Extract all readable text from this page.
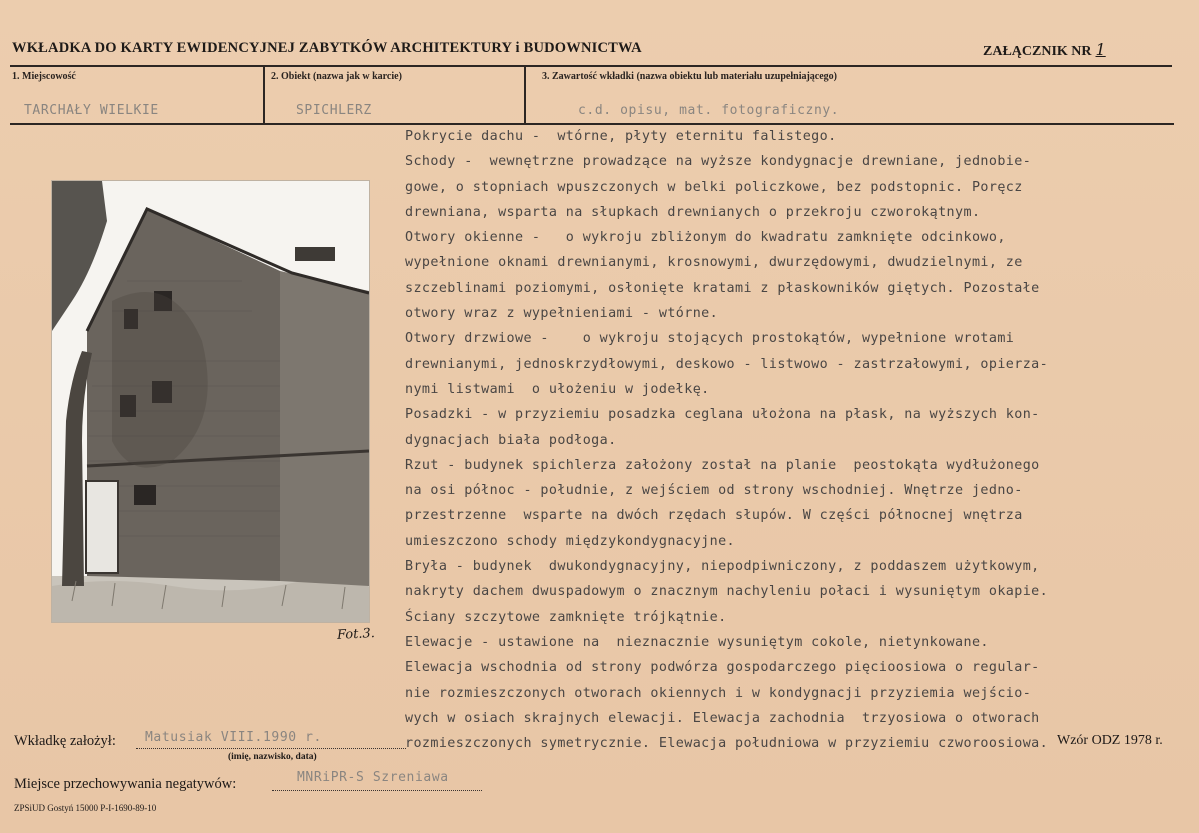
WKŁADKA DO KARTY EWIDENCYJNEJ ZABYTKÓW ARCHITEKTURY i BUDOWNICTWA	ZAŁĄCZNIK NR 1
1. Miejscowość
TARCHAŁY WIELKIE
2. Obiekt (nazwa jak w karcie)
SPICHLERZ
3. Zawartość wkładki (nazwa obiektu lub materiału uzupełniającego)
c.d. opisu, mat. fotograficzny.
Fot.3.
Pokrycie dachu -  wtórne, płyty eternitu falistego.
Schody -  wewnętrzne prowadzące na wyższe kondygnacje drewniane, jednobie-
gowe, o stopniach wpuszczonych w belki policzkowe, bez podstopnic. Poręcz
drewniana, wsparta na słupkach drewnianych o przekroju czworokątnym.
Otwory okienne -   o wykroju zbliżonym do kwadratu zamknięte odcinkowo,
wypełnione oknami drewnianymi, krosnowymi, dwurzędowymi, dwudzielnymi, ze
szczeblinami poziomymi, osłonięte kratami z płaskowników giętych. Pozostałe
otwory wraz z wypełnieniami - wtórne.
Otwory drzwiowe -    o wykroju stojących prostokątów, wypełnione wrotami
drewnianymi, jednoskrzydłowymi, deskowo - listwowo - zastrzałowymi, opierza-
nymi listwami  o ułożeniu w jodełkę.
Posadzki - w przyziemiu posadzka ceglana ułożona na płask, na wyższych kon-
dygnacjach biała podłoga.
Rzut - budynek spichlerza założony został na planie  peostokąta wydłużonego
na osi północ - południe, z wejściem od strony wschodniej. Wnętrze jedno-
przestrzenne  wsparte na dwóch rzędach słupów. W części północnej wnętrza
umieszczono schody międzykondygnacyjne.
Bryła - budynek  dwukondygnacyjny, niepodpiwniczony, z poddaszem użytkowym,
nakryty dachem dwuspadowym o znacznym nachyleniu połaci i wysuniętym okapie.
Ściany szczytowe zamknięte trójkątnie.
Elewacje - ustawione na  nieznacznie wysuniętym cokole, nietynkowane.
Elewacja wschodnia od strony podwórza gospodarczego pięcioosiowa o regular-
nie rozmieszczonych otworach okiennych i w kondygnacji przyziemia wejścio-
wych w osiach skrajnych elewacji. Elewacja zachodnia  trzyosiowa o otworach
rozmieszczonych symetrycznie. Elewacja południowa w przyziemiu czworoosiowa.
Wkładkę założył: Matusiak VIII.1990 r.
(imię, nazwisko, data)
Miejsce przechowywania negatywów:	MNRiPR-S Szreniawa
ZPSiUD Gostyń 15000 P-I-1690-89-10
Wzór ODZ 1978 r.
